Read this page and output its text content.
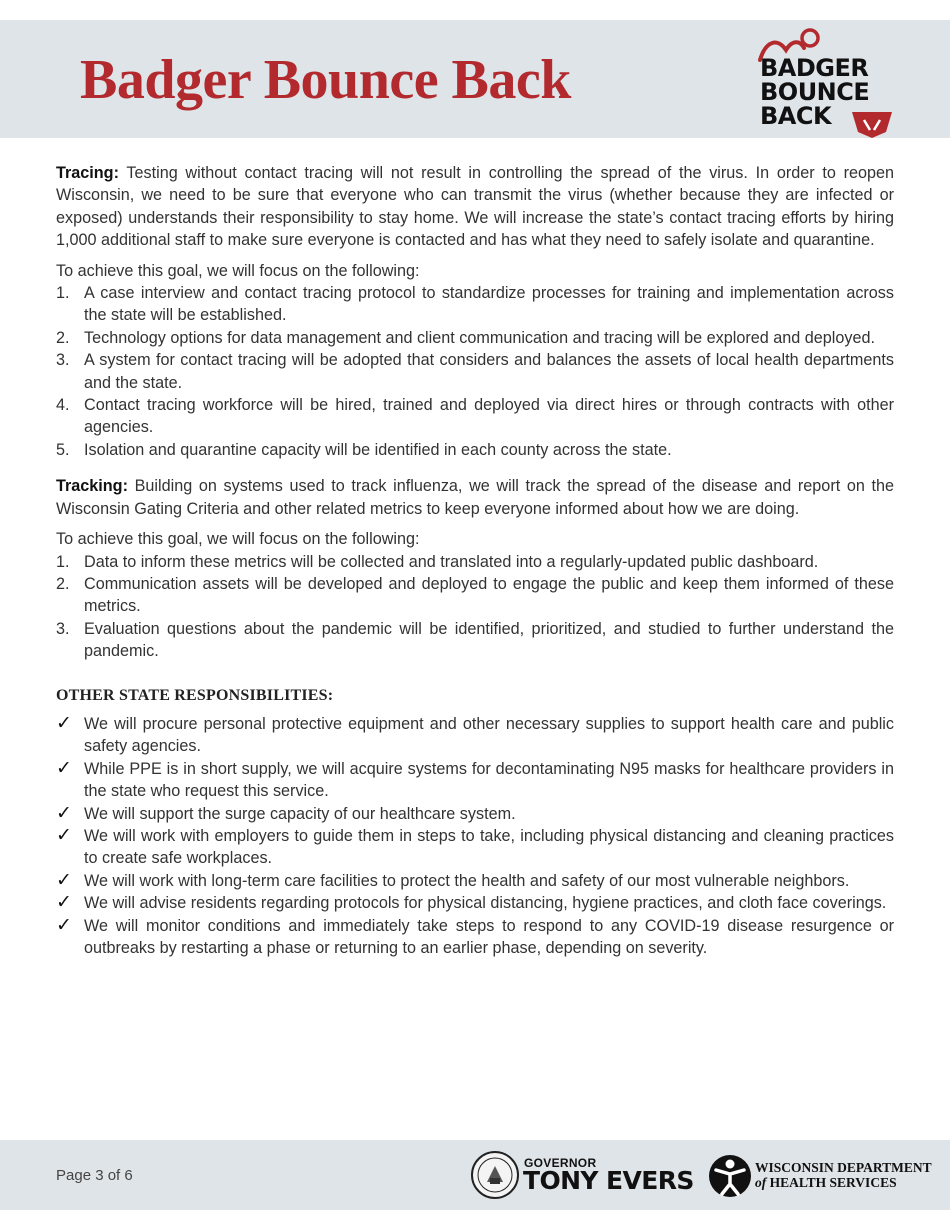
Badger Bounce Back	BADGER
BOUNCE
BACK

Tracing: Testing without contact tracing will not result in controlling the spread of the virus. In order to reopen Wisconsin, we need to be sure that everyone who can transmit the virus (whether because they are infected or exposed) understands their responsibility to stay home. We will increase the state’s contact tracing efforts by hiring 1,000 additional staff to make sure everyone is contacted and has what they need to safely isolate and quarantine.

To achieve this goal, we will focus on the following:

1. A case interview and contact tracing protocol to standardize processes for training and implementation across the state will be established.
2. Technology options for data management and client communication and tracing will be explored and deployed.
3. A system for contact tracing will be adopted that considers and balances the assets of local health departments and the state.
4. Contact tracing workforce will be hired, trained and deployed via direct hires or through contracts with other agencies.
5. Isolation and quarantine capacity will be identified in each county across the state.

Tracking: Building on systems used to track influenza, we will track the spread of the disease and report on the Wisconsin Gating Criteria and other related metrics to keep everyone informed about how we are doing.

To achieve this goal, we will focus on the following:

1. Data to inform these metrics will be collected and translated into a regularly-updated public dashboard.
2. Communication assets will be developed and deployed to engage the public and keep them informed of these metrics.
3. Evaluation questions about the pandemic will be identified, prioritized, and studied to further understand the pandemic.
OTHER STATE RESPONSIBILITIES:
✓ We will procure personal protective equipment and other necessary supplies to support health care and public safety agencies.
✓ While PPE is in short supply, we will acquire systems for decontaminating N95 masks for healthcare providers in the state who request this service.
✓ We will support the surge capacity of our healthcare system.
✓ We will work with employers to guide them in steps to take, including physical distancing and cleaning practices to create safe workplaces.
✓ We will work with long-term care facilities to protect the health and safety of our most vulnerable neighbors.
✓ We will advise residents regarding protocols for physical distancing, hygiene practices, and cloth face coverings.
✓ We will monitor conditions and immediately take steps to respond to any COVID-19 disease resurgence or outbreaks by restarting a phase or returning to an earlier phase, depending on severity.
Page 3 of 6
GOVERNOR
TONY EVERS	WISCONSIN DEPARTMENT
of HEALTH SERVICES
